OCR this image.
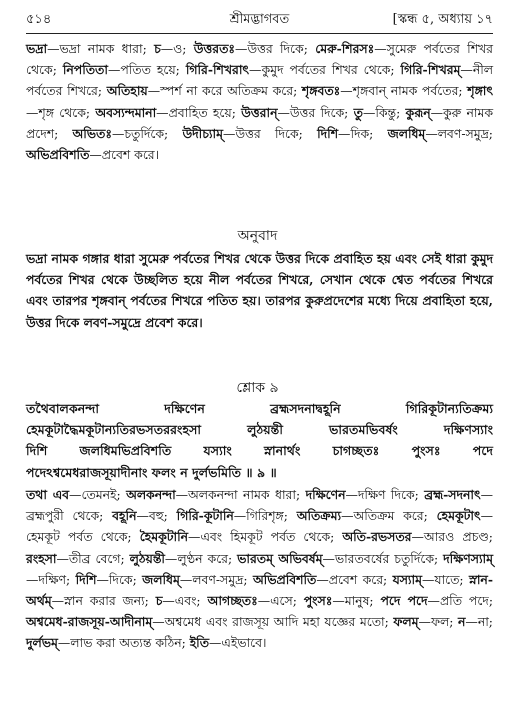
৫১৪	শ্রীমদ্ভাগবত	[স্কন্ধ ৫, অধ্যায় ১৭
ভদ্রা—ভদ্রা নামক ধারা; চ—ও; উত্তরতঃ—উত্তর দিকে; মেরু-শিরসঃ—সুমেরু পর্বতের শিখর থেকে; নিপতিতা—পতিত হয়ে; গিরি-শিখরাৎ—কুমুদ পর্বতের শিখর থেকে; গিরি-শিখরম্—নীল পর্বতের শিখরে; অতিহায়—স্পর্শ না করে অতিক্রম করে; শৃঙ্গবতঃ—শৃঙ্গবান্ নামক পর্বতের; শৃঙ্গাৎ—শৃঙ্গ থেকে; অবস্যন্দমানা—প্রবাহিত হয়ে; উত্তরান্—উত্তর দিকে; তু—কিন্তু; কুরূন্—কুরু নামক প্রদেশ; অভিতঃ—চতুর্দিকে; উদীচ্যাম্—উত্তর দিকে; দিশি—দিক; জলধিম্—লবণ-সমুদ্র; অভিপ্রবিশতি—প্রবেশ করে।
অনুবাদ
ভদ্রা নামক গঙ্গার ধারা সুমেরু পর্বতের শিখর থেকে উত্তর দিকে প্রবাহিত হয় এবং সেই ধারা কুমুদ পর্বতের শিখর থেকে উচ্ছলিত হয়ে নীল পর্বতের শিখরে, সেখান থেকে শ্বেত পর্বতের শিখরে এবং তারপর শৃঙ্গবান্ পর্বতের শিখরে পতিত হয়। তারপর কুরুপ্রদেশের মধ্যে দিয়ে প্রবাহিতা হয়ে, উত্তর দিকে লবণ-সমুদ্রে প্রবেশ করে।
শ্লোক ৯
তথৈবালকনন্দা দক্ষিণেন ব্রহ্মসদনাদ্বহূনি গিরিকূটান্যতিক্রম্য
হেমকূটাদ্ধৈমকূটান্যতিরভসতররংহসা লুঠয়ন্তী ভারতমভিবর্ষং দক্ষিণস্যাং
দিশি জলধিমভিপ্রবিশতি যস্যাং স্নানার্থং চাগচ্ছতঃ পুংসঃ পদে
পদেঽশ্বমেধরাজসূয়াদীনাং ফলং ন দুর্লভমিতি ॥ ৯ ॥
তথা এব—তেমনই; অলকনন্দা—অলকনন্দা নামক ধারা; দক্ষিণেন—দক্ষিণ দিকে; ব্রহ্ম-সদনাৎ—ব্রহ্মপুরী থেকে; বহূনি—বহু; গিরি-কূটানি—গিরিশৃঙ্গ; অতিক্রম্য—অতিক্রম করে; হেমকূটাৎ—হেমকূট পর্বত থেকে; হৈমকূটানি—এবং হিমকূট পর্বত থেকে; অতি-রভসতর—আরও প্রচণ্ড; রংহসা—তীব্র বেগে; লুঠয়ন্তী—লুণ্ঠন করে; ভারতম্ অভিবর্ষম্—ভারতবর্ষের চতুর্দিকে; দক্ষিণস্যাম্—দক্ষিণ; দিশি—দিকে; জলধিম্—লবণ-সমুদ্র; অভিপ্রবিশতি—প্রবেশ করে; যস্যাম্—যাতে; স্নান-অর্থম্—স্নান করার জন্য; চ—এবং; আগচ্ছতঃ—এসে; পুংসঃ—মানুষ; পদে পদে—প্রতি পদে; অশ্বমেধ-রাজসূয়-আদীনাম্—অশ্বমেধ এবং রাজসূয় আদি মহা যজ্ঞের মতো; ফলম্—ফল; ন—না; দুর্লভম্—লাভ করা অত্যন্ত কঠিন; ইতি—এইভাবে।
